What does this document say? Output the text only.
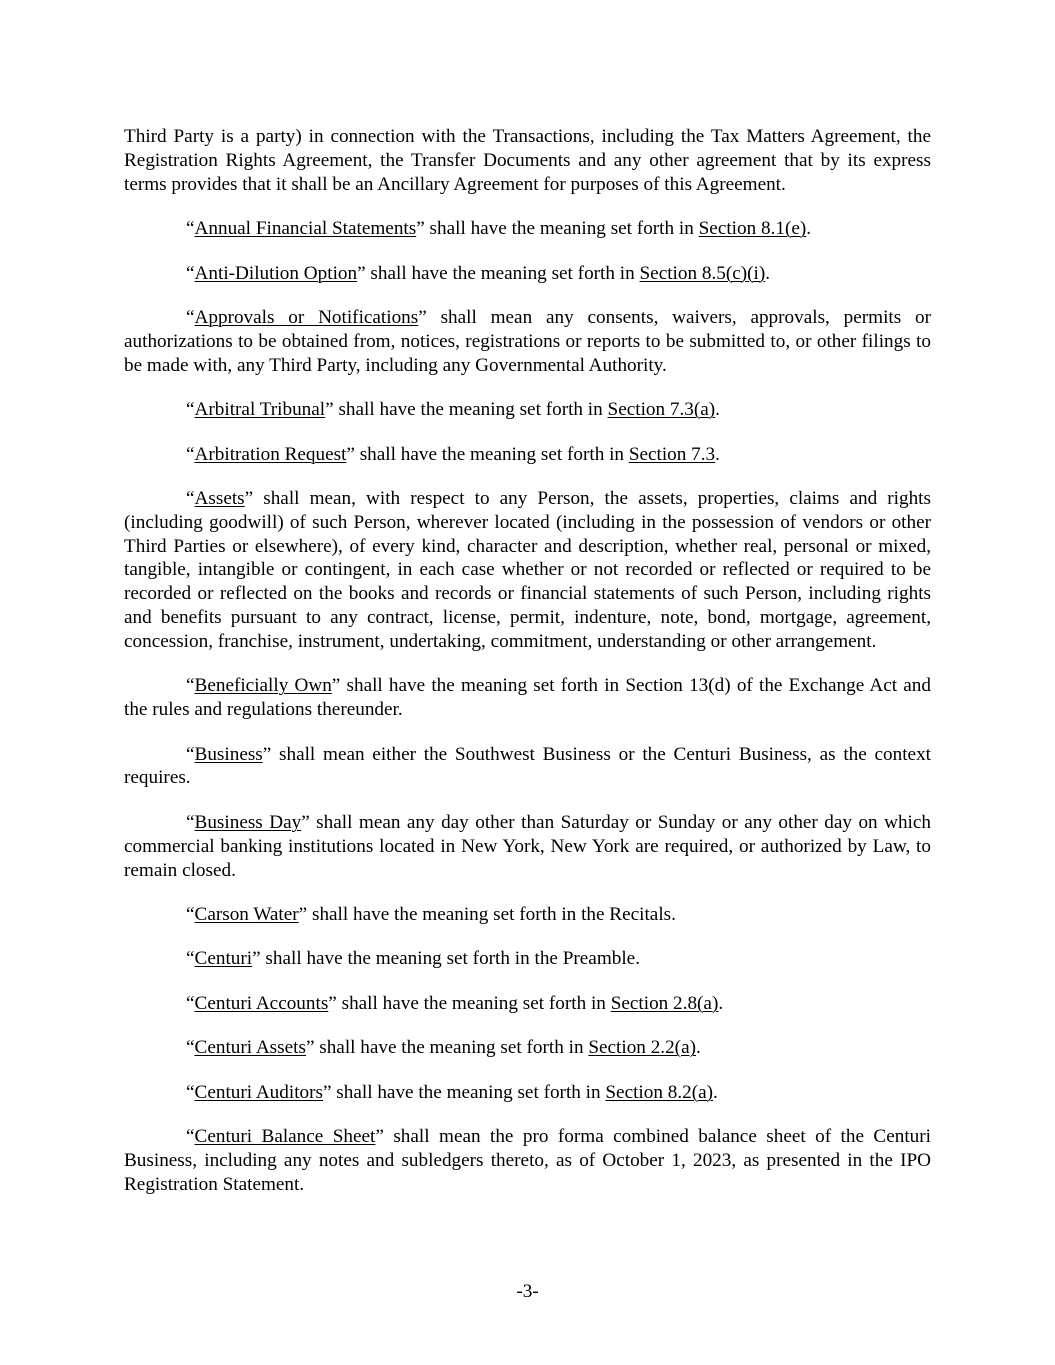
Third Party is a party) in connection with the Transactions, including the Tax Matters Agreement, the Registration Rights Agreement, the Transfer Documents and any other agreement that by its express terms provides that it shall be an Ancillary Agreement for purposes of this Agreement.

“Annual Financial Statements” shall have the meaning set forth in Section 8.1(e).

“Anti-Dilution Option” shall have the meaning set forth in Section 8.5(c)(i).

“Approvals or Notifications” shall mean any consents, waivers, approvals, permits or authorizations to be obtained from, notices, registrations or reports to be submitted to, or other filings to be made with, any Third Party, including any Governmental Authority.

“Arbitral Tribunal” shall have the meaning set forth in Section 7.3(a).

“Arbitration Request” shall have the meaning set forth in Section 7.3.

“Assets” shall mean, with respect to any Person, the assets, properties, claims and rights (including goodwill) of such Person, wherever located (including in the possession of vendors or other Third Parties or elsewhere), of every kind, character and description, whether real, personal or mixed, tangible, intangible or contingent, in each case whether or not recorded or reflected or required to be recorded or reflected on the books and records or financial statements of such Person, including rights and benefits pursuant to any contract, license, permit, indenture, note, bond, mortgage, agreement, concession, franchise, instrument, undertaking, commitment, understanding or other arrangement.

“Beneficially Own” shall have the meaning set forth in Section 13(d) of the Exchange Act and the rules and regulations thereunder.

“Business” shall mean either the Southwest Business or the Centuri Business, as the context requires.

“Business Day” shall mean any day other than Saturday or Sunday or any other day on which commercial banking institutions located in New York, New York are required, or authorized by Law, to remain closed.

“Carson Water” shall have the meaning set forth in the Recitals.

“Centuri” shall have the meaning set forth in the Preamble.

“Centuri Accounts” shall have the meaning set forth in Section 2.8(a).

“Centuri Assets” shall have the meaning set forth in Section 2.2(a).

“Centuri Auditors” shall have the meaning set forth in Section 8.2(a).

“Centuri Balance Sheet” shall mean the pro forma combined balance sheet of the Centuri Business, including any notes and subledgers thereto, as of October 1, 2023, as presented in the IPO Registration Statement.

-3-
